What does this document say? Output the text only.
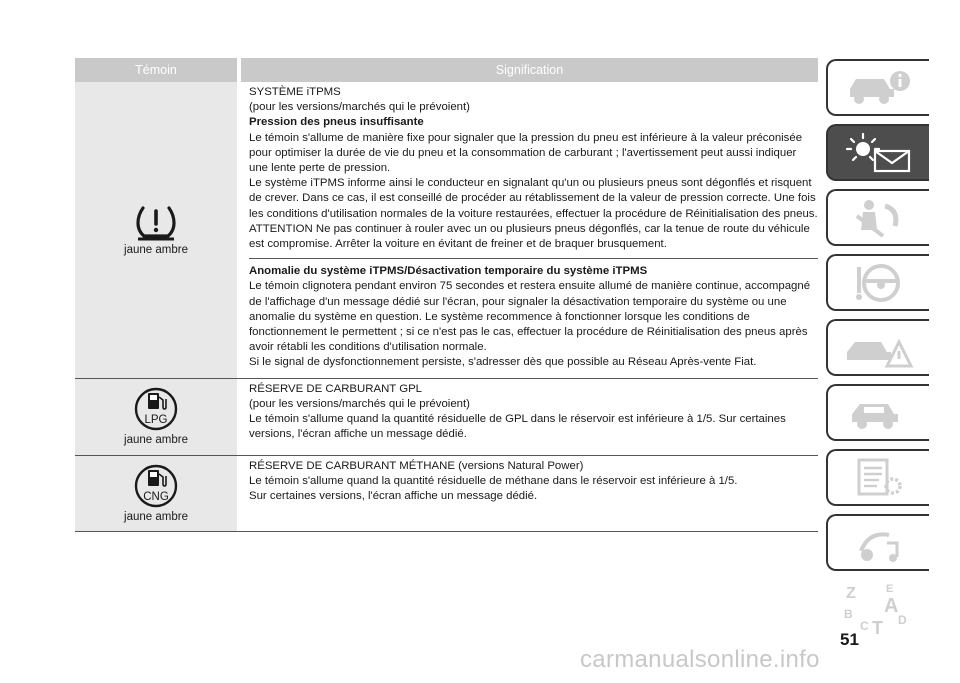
Témoin	Signification
jaune ambre

SYSTÈME iTPMS

(pour les versions/marchés qui le prévoient)

Pression des pneus insuffisante

Le témoin s'allume de manière fixe pour signaler que la pression du pneu est inférieure à la valeur préconisée pour optimiser la durée de vie du pneu et la consommation de carburant ; l'avertissement peut aussi indiquer une lente perte de pression.

Le système iTPMS informe ainsi le conducteur en signalant qu'un ou plusieurs pneus sont dégonflés et risquent de crever. Dans ce cas, il est conseillé de procéder au rétablissement de la valeur de pression correcte. Une fois les conditions d'utilisation normales de la voiture restaurées, effectuer la procédure de Réinitialisation des pneus.

ATTENTION Ne pas continuer à rouler avec un ou plusieurs pneus dégonflés, car la tenue de route du véhicule est compromise. Arrêter la voiture en évitant de freiner et de braquer brusquement.

Anomalie du système iTPMS/Désactivation temporaire du système iTPMS

Le témoin clignotera pendant environ 75 secondes et restera ensuite allumé de manière continue, accompagné de l'affichage d'un message dédié sur l'écran, pour signaler la désactivation temporaire du système ou une anomalie du système en question. Le système recommence à fonctionner lorsque les conditions de fonctionnement le permettent ; si ce n'est pas le cas, effectuer la procédure de Réinitialisation des pneus après avoir rétabli les conditions d'utilisation normale.

Si le signal de dysfonctionnement persiste, s'adresser dès que possible au Réseau Après-vente Fiat.

LPG
jaune ambre

RÉSERVE DE CARBURANT GPL

(pour les versions/marchés qui le prévoient)

Le témoin s'allume quand la quantité résiduelle de GPL dans le réservoir est inférieure à 1/5. Sur certaines versions, l'écran affiche un message dédié.

CNG
jaune ambre

RÉSERVE DE CARBURANT MÉTHANE (versions Natural Power)

Le témoin s'allume quand la quantité résiduelle de méthane dans le réservoir est inférieure à 1/5.

Sur certaines versions, l'écran affiche un message dédié.

Z	E
A
B
C T D
51
carmanualsonline.info
